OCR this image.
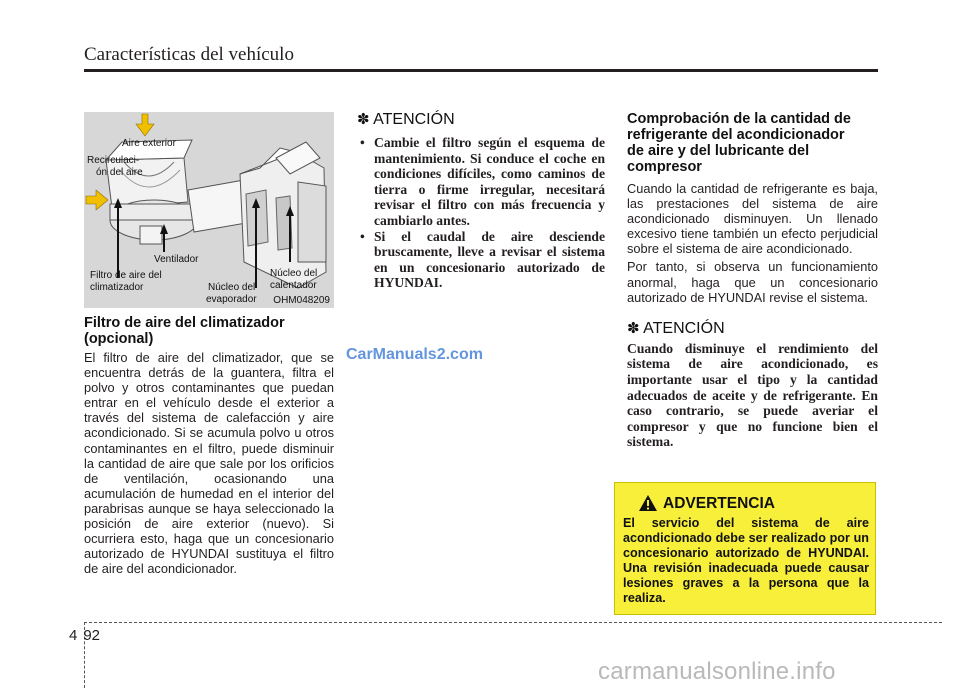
Características del vehículo
Aire exterior
Recirculaci-
ón del aire
Ventilador
Filtro de aire del
climatizador	Núcleo del
evaporador
Núcleo del
calentador
OHM048209
Filtro de aire del climatizador
(opcional)
El filtro de aire del climatizador, que se encuentra detrás de la guantera, filtra el polvo y otros contaminantes que puedan entrar en el vehículo desde el exterior a través del sistema de calefacción y aire acondicionado. Si se acumula polvo u otros contaminantes en el filtro, puede disminuir la cantidad de aire que sale por los orificios de ventilación, ocasionando una acumulación de humedad en el interior del parabrisas aunque se haya seleccionado la posición de aire exterior (nuevo). Si ocurriera esto, haga que un concesionario autorizado de HYUNDAI sustituya el filtro de aire del acondicionador.
✽ ATENCIÓN
• Cambie el filtro según el esquema de mantenimiento. Si conduce el coche en condiciones difíciles, como caminos de tierra o firme irregular, necesitará revisar el filtro con más frecuencia y cambiarlo antes.
• Si el caudal de aire desciende bruscamente, lleve a revisar el sistema en un concesionario autorizado de HYUNDAI.
Comprobación de la cantidad de
refrigerante del acondicionador
de aire y del lubricante del
compresor

Cuando la cantidad de refrigerante es baja, las prestaciones del sistema de aire acondicionado disminuyen. Un llenado excesivo tiene también un efecto perjudicial sobre el sistema de aire acondicionado.

Por tanto, si observa un funcionamiento anormal, haga que un concesionario autorizado de HYUNDAI revise el sistema.

✽ ATENCIÓN
Cuando disminuye el rendimiento del sistema de aire acondicionado, es importante usar el tipo y la cantidad adecuados de aceite y de refrigerante. En caso contrario, se puede averiar el compresor y que no funcione bien el sistema.
ADVERTENCIA
El servicio del sistema de aire acondicionado debe ser realizado por un concesionario autorizado de HYUNDAI. Una revisión inadecuada puede causar lesiones graves a la persona que la realiza.
4 92
CarManuals2.com
carmanualsonline.info
